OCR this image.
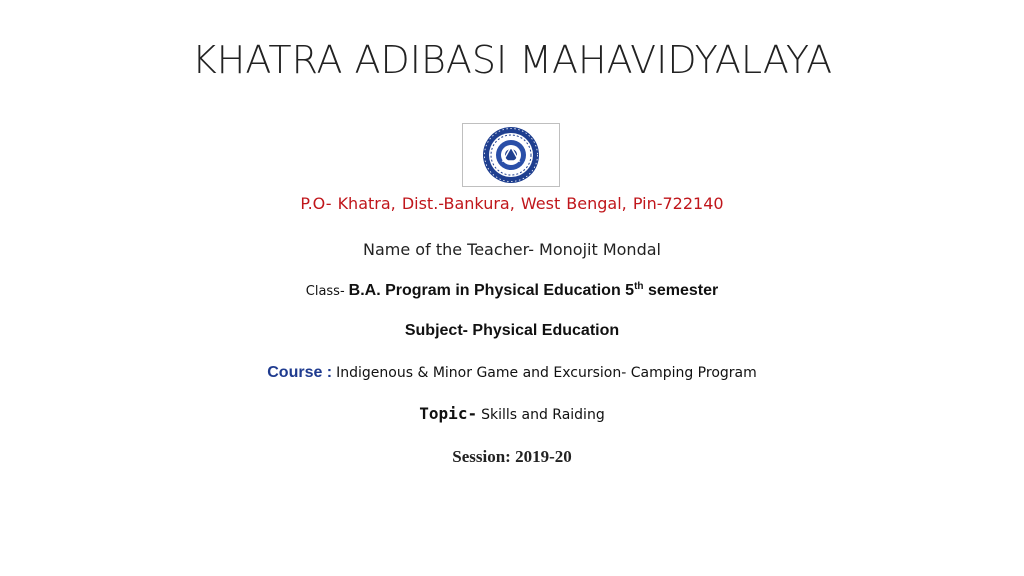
KHATRA ADIBASI MAHAVIDYALAYA
P.O- Khatra, Dist.-Bankura, West Bengal, Pin-722140
Name of the Teacher- Monojit Mondal
Class- B.A. Program in Physical Education 5th semester
Subject- Physical Education
Course : Indigenous & Minor Game and Excursion- Camping Program
Topic- Skills and Raiding
Session: 2019-20
